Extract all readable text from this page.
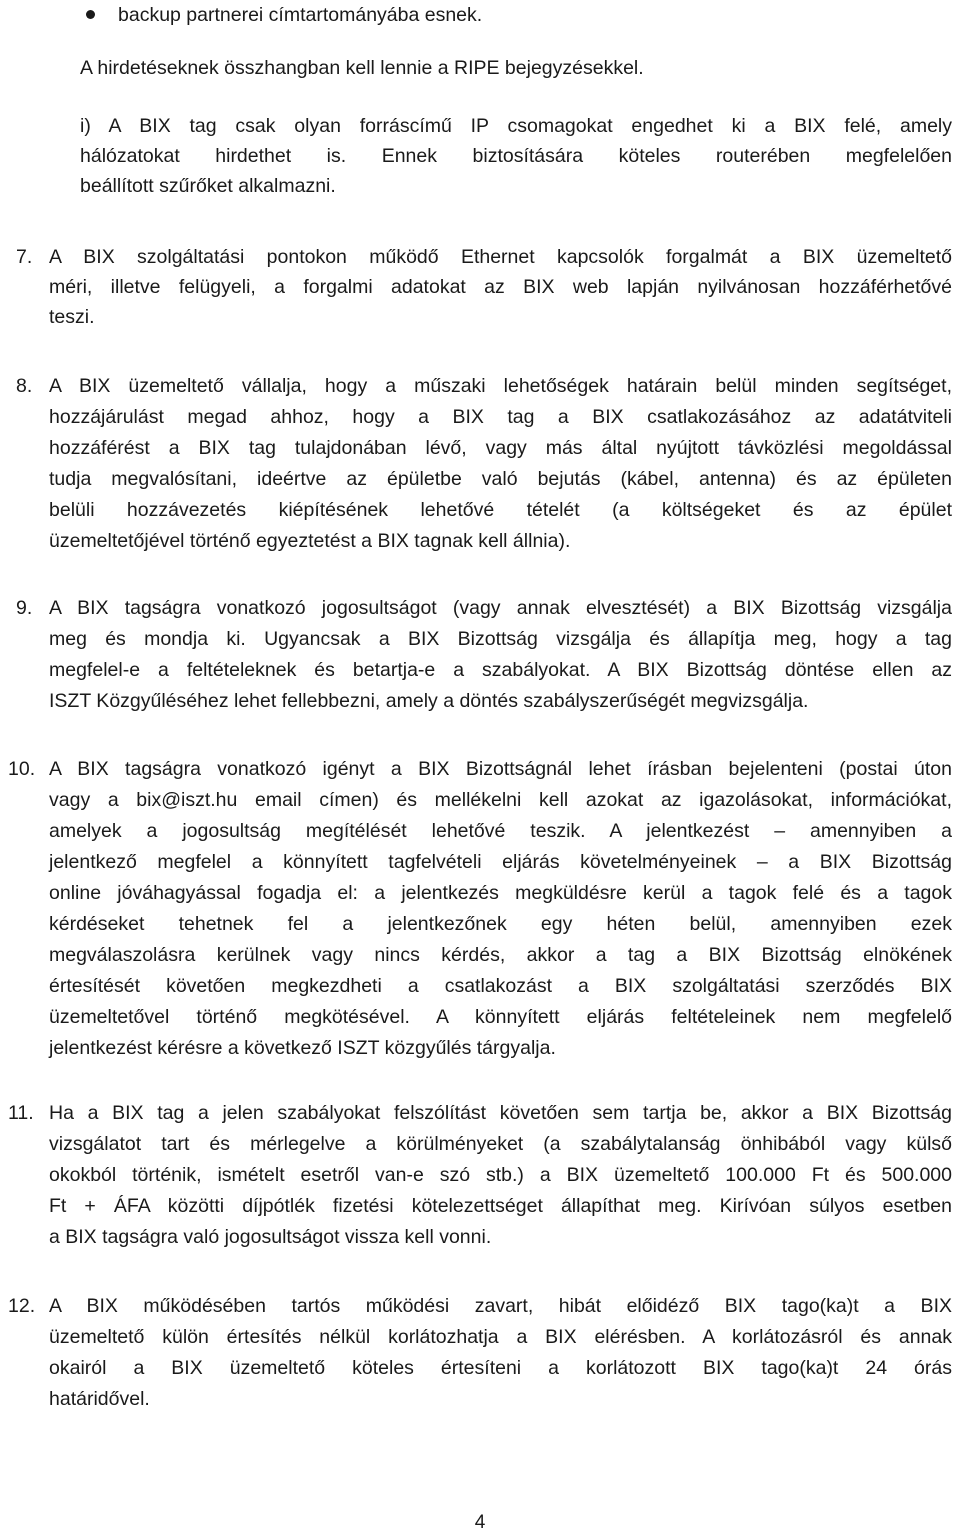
backup partnerei címtartományába esnek.
A hirdetéseknek összhangban kell lennie a RIPE bejegyzésekkel.
i) A BIX tag csak olyan forráscímű IP csomagokat engedhet ki a BIX felé, amely
hálózatokat hirdethet is. Ennek biztosítására köteles routerében megfelelően
beállított szűrőket alkalmazni.
7. A BIX szolgáltatási pontokon működő Ethernet kapcsolók forgalmát a BIX üzemeltető
méri, illetve felügyeli, a forgalmi adatokat az BIX web lapján nyilvánosan hozzáférhetővé
teszi.
8. A BIX üzemeltető vállalja, hogy a műszaki lehetőségek határain belül minden segítséget,
hozzájárulást megad ahhoz, hogy a BIX tag a BIX csatlakozásához az adatátviteli
hozzáférést a BIX tag tulajdonában lévő, vagy más által nyújtott távközlési megoldással
tudja megvalósítani, ideértve az épületbe való bejutás (kábel, antenna) és az épületen
belüli hozzávezetés kiépítésének lehetővé tételét (a költségeket és az épület
üzemeltetőjével történő egyeztetést a BIX tagnak kell állnia).
9. A BIX tagságra vonatkozó jogosultságot (vagy annak elvesztését) a BIX Bizottság vizsgálja
meg és mondja ki. Ugyancsak a BIX Bizottság vizsgálja és állapítja meg, hogy a tag
megfelel-e a feltételeknek és betartja-e a szabályokat. A BIX Bizottság döntése ellen az
ISZT Közgyűléséhez lehet fellebbezni, amely a döntés szabályszerűségét megvizsgálja.
10. A BIX tagságra vonatkozó igényt a BIX Bizottságnál lehet írásban bejelenteni (postai úton
vagy a bix@iszt.hu email címen) és mellékelni kell azokat az igazolásokat, információkat,
amelyek a jogosultság megítélését lehetővé teszik. A jelentkezést – amennyiben a
jelentkező megfelel a könnyített tagfelvételi eljárás követelményeinek – a BIX Bizottság
online jóváhagyással fogadja el: a jelentkezés megküldésre kerül a tagok felé és a tagok
kérdéseket tehetnek fel a jelentkezőnek egy héten belül, amennyiben ezek
megválaszolásra kerülnek vagy nincs kérdés, akkor a tag a BIX Bizottság elnökének
értesítését követően megkezdheti a csatlakozást a BIX szolgáltatási szerződés BIX
üzemeltetővel történő megkötésével. A könnyített eljárás feltételeinek nem megfelelő
jelentkezést kérésre a következő ISZT közgyűlés tárgyalja.
11. Ha a BIX tag a jelen szabályokat felszólítást követően sem tartja be, akkor a BIX Bizottság
vizsgálatot tart és mérlegelve a körülményeket (a szabálytalanság önhibából vagy külső
okokból történik, ismételt esetről van-e szó stb.) a BIX üzemeltető 100.000 Ft és 500.000
Ft + ÁFA közötti díjpótlék fizetési kötelezettséget állapíthat meg. Kirívóan súlyos esetben
a BIX tagságra való jogosultságot vissza kell vonni.
12. A BIX működésében tartós működési zavart, hibát előidéző BIX tago(ka)t a BIX
üzemeltető külön értesítés nélkül korlátozhatja a BIX elérésben. A korlátozásról és annak
okairól a BIX üzemeltető köteles értesíteni a korlátozott BIX tago(ka)t 24 órás
határidővel.
4
